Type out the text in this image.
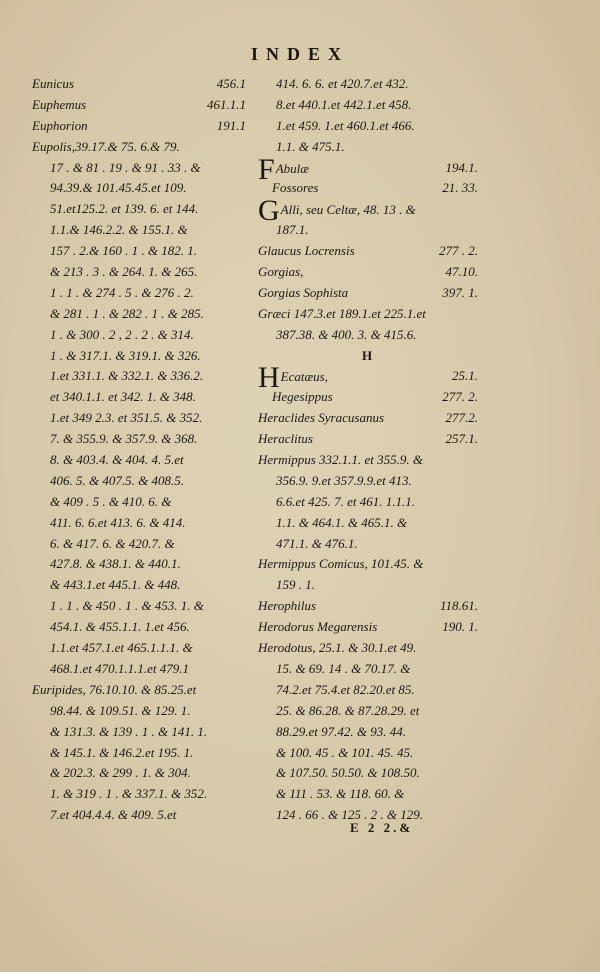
INDEX
Eunicus	456.1
Euphemus	461.1.1
Euphorion	191.1
Eupolis,39.17.& 75. 6.& 79.
17 . & 81 . 19 . & 91 . 33 . &
94.39.& 101.45.45.et 109.
51.et125.2. et 139. 6. et 144.
1.1.& 146.2.2. & 155.1. &
157 . 2.& 160 . 1 . & 182. 1.
& 213 . 3 . & 264. 1. & 265.
1 . 1 . & 274 . 5 . & 276 . 2.
& 281 . 1 . & 282 . 1 . & 285.
1 . & 300 . 2 , 2 . 2 . & 314.
1 . & 317.1. & 319.1. & 326.
1.et 331.1. & 332.1. & 336.2.
et 340.1.1. et 342. 1. & 348.
1.et 349 2.3. et 351.5. & 352.
7. & 355.9. & 357.9. & 368.
8. & 403.4. & 404. 4. 5.et
406. 5. & 407.5. & 408.5.
& 409 . 5 . & 410. 6. &
411. 6. 6.et 413. 6. & 414.
6. & 417. 6. & 420.7. &
427.8. & 438.1. & 440.1.
& 443.1.et 445.1. & 448.
1 . 1 . & 450 . 1 . & 453. 1. &
454.1. & 455.1.1. 1.et 456.
1.1.et 457.1.et 465.1.1.1. &
468.1.et 470.1.1.1.et 479.1
Euripides, 76.10.10. & 85.25.et
98.44. & 109.51. & 129. 1.
& 131.3. & 139 . 1 . & 141. 1.
& 145.1. & 146.2.et 195. 1.
& 202.3. & 299 . 1. & 304.
1. & 319 . 1 . & 337.1. & 352.
7.et 404.4.4. & 409. 5.et
414. 6. 6. et 420.7.et 432.
8.et 440.1.et 442.1.et 458.
1.et 459. 1.et 460.1.et 466.
1.1. & 475.1.
FAbulæ	194.1.
Fossores	21. 33.
GAlli, seu Celtæ, 48. 13 . &
187.1.
Glaucus Locrensis	277 . 2.
Gorgias,	47.10.
Gorgias Sophista	397. 1.
Græci 147.3.et 189.1.et 225.1.et
387.38. & 400. 3. & 415.6.
H
HEcatæus,	25.1.
Hegesippus	277. 2.
Heraclides Syracusanus	277.2.
Heraclitus	257.1.
Hermippus 332.1.1. et 355.9. &
356.9. 9.et 357.9.9.et 413.
6.6.et 425. 7. et 461. 1.1.1.
1.1. & 464.1. & 465.1. &
471.1. & 476.1.
Hermippus Comicus, 101.45. &
159 . 1.
Herophilus	118.61.
Herodorus Megarensis	190. 1.
Herodotus, 25.1. & 30.1.et 49.
15. & 69. 14 . & 70.17. &
74.2.et 75.4.et 82.20.et 85.
25. & 86.28. & 87.28.29. et
88.29.et 97.42. & 93. 44.
& 100. 45 . & 101. 45. 45.
& 107.50. 50.50. & 108.50.
& 111 . 53. & 118. 60. &
124 . 66 . & 125 . 2 . & 129.
E 2 2.&
